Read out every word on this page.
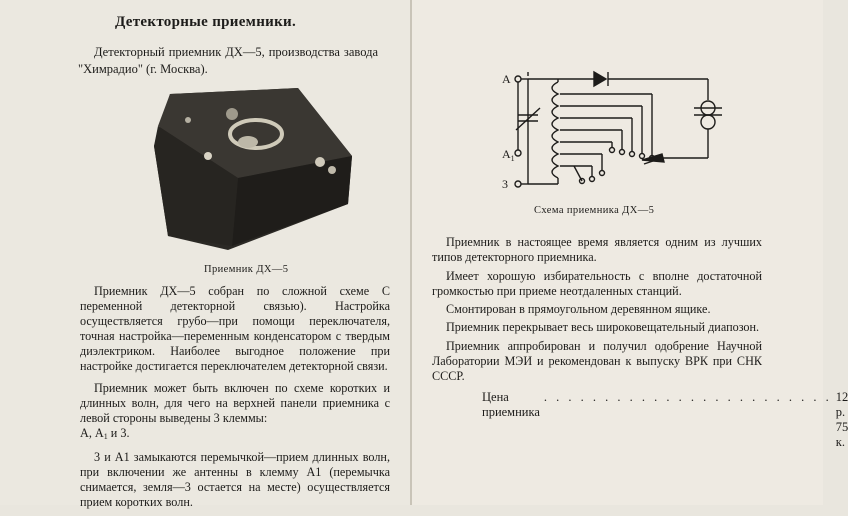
Детекторные приемники.
Детекторный приемник ДХ—5, производства завода "Химрадио" (г. Москва).
Приемник ДХ—5

Приемник ДХ—5 собран по сложной схеме С переменной детекторной связью). Настройка осуществляется грубо—при помощи переключателя, точная настройка—переменным конденсатором с твердым диэлектриком. Наиболее выгодное положение при настройке достигается переключателем детекторной связи.

Приемник может быть включен по схеме коротких и длинных волн, для чего на верхней панели приемника с левой стороны выведены 3 клеммы:
А, $А_1$ и 3.

3 и А1 замыкаются перемычкой—прием длинных волн, при включении же антенны в клемму А1 (перемычка снимается, земля—3 остается на месте) осуществляется прием коротких волн.

А
$А_1$
3
Схема приемника ДХ—5

Приемник в настоящее время является одним из лучших типов детекторного приемника.

Имеет хорошую избирательность с вполне достаточной громкостью при приеме неотдаленных станций.

Смонтирован в прямоугольном деревянном ящике.

Приемник перекрывает весь широковещательный диапозон.

Приемник аппробирован и получил одобрение Научной Лаборатории МЭИ и рекомендован к выпуску ВРК при СНК СССР.

Цена приемника
. . . . . . . . . . . . . . . . . . . . . . . . 12 р. 75 к.
